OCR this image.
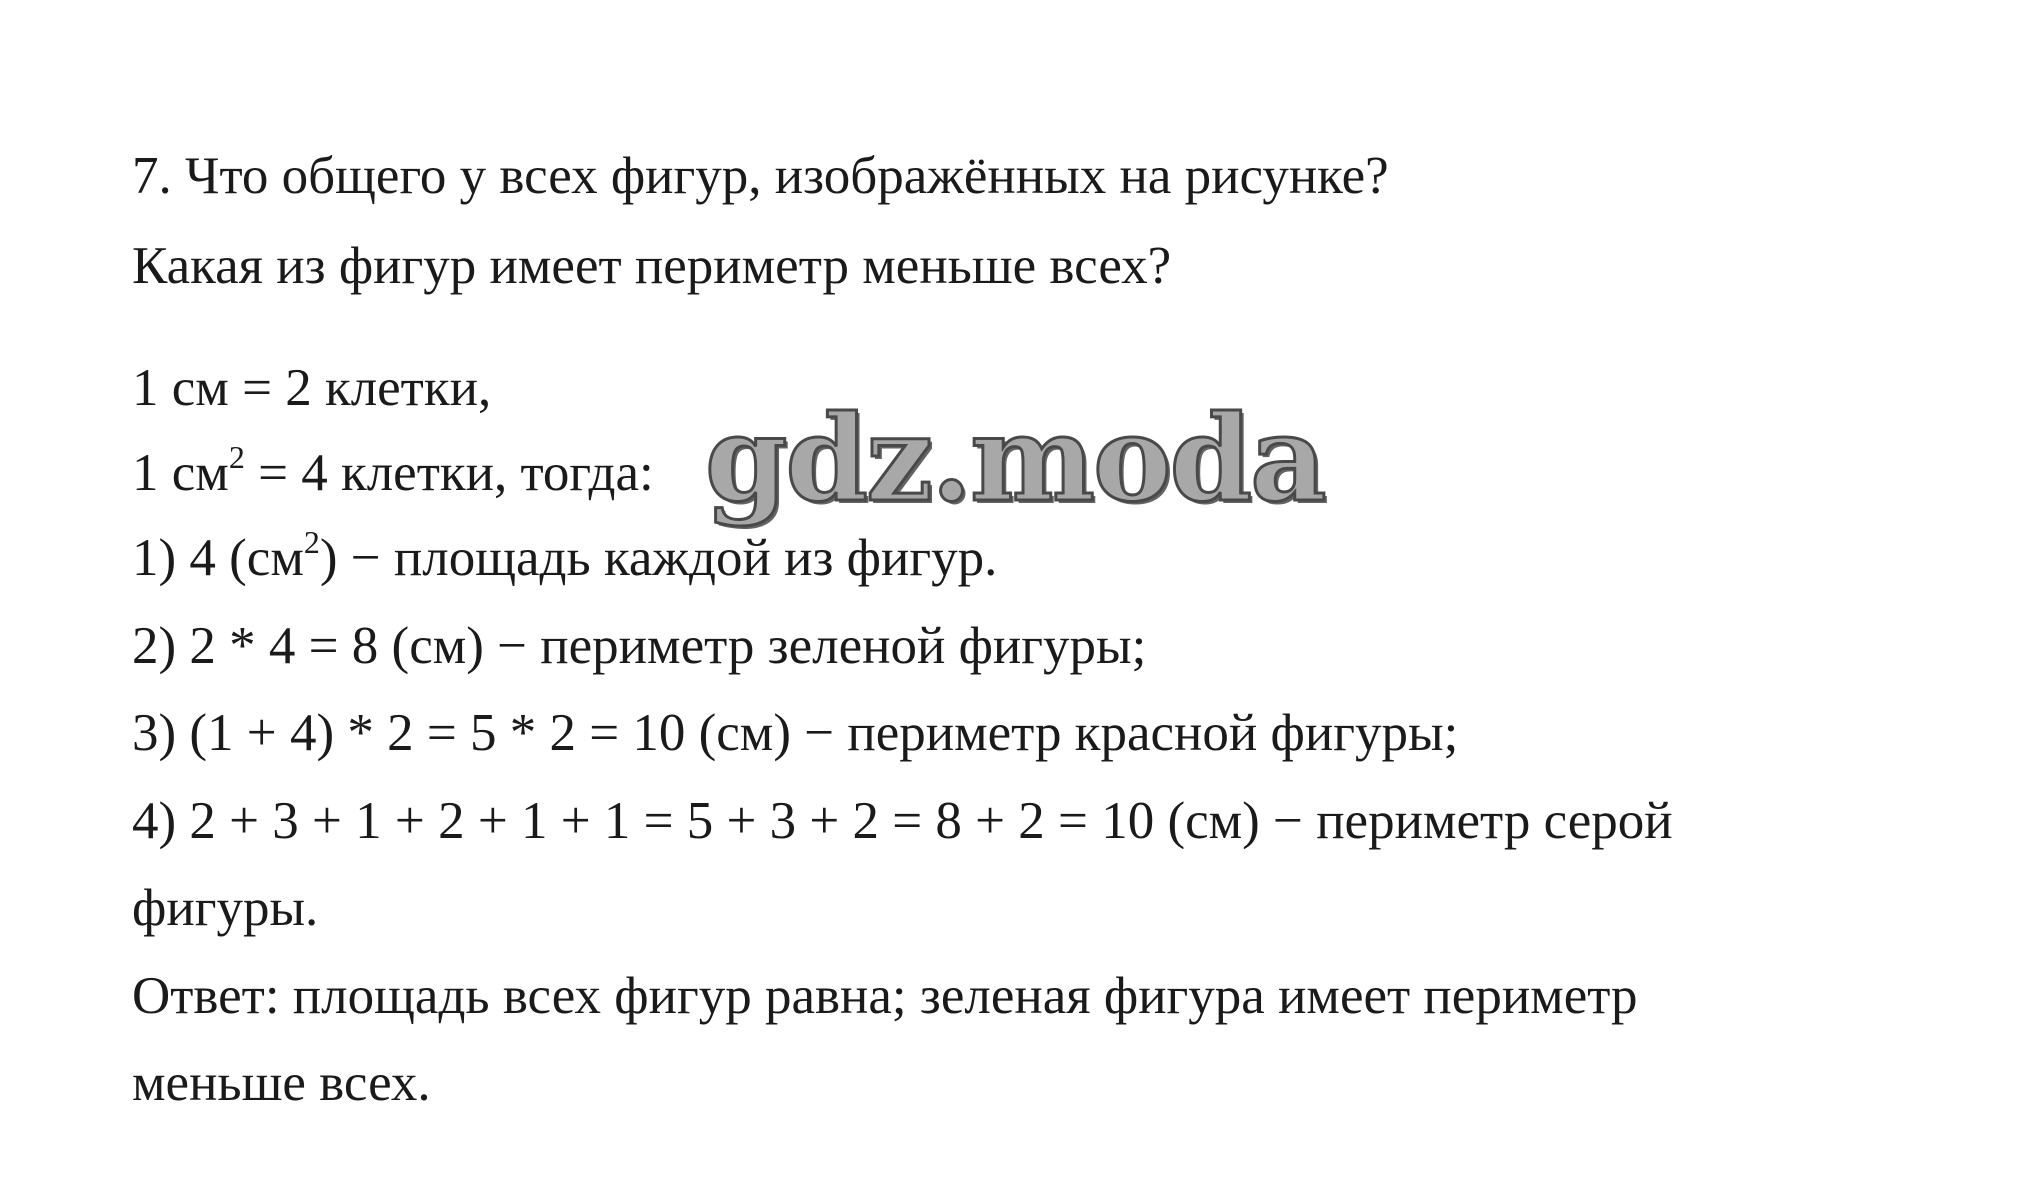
7. Что общего у всех фигур, изображённых на рисунке?
Какая из фигур имеет периметр меньше всех?
1 см = 2 клетки,
1 $см^2 = 4$ клетки, тогда:
1) 4 $(см^2)$ − площадь каждой из фигур.
2) 2 * 4 = 8 (см) − периметр зеленой фигуры;
3) (1 + 4) * 2 = 5 * 2 = 10 (см) − периметр красной фигуры;
4) 2 + 3 + 1 + 2 + 1 + 1 = 5 + 3 + 2 = 8 + 2 = 10 (см) − периметр серой
фигуры.
Ответ: площадь всех фигур равна; зеленая фигура имеет периметр
меньше всех.
gdz.moda
